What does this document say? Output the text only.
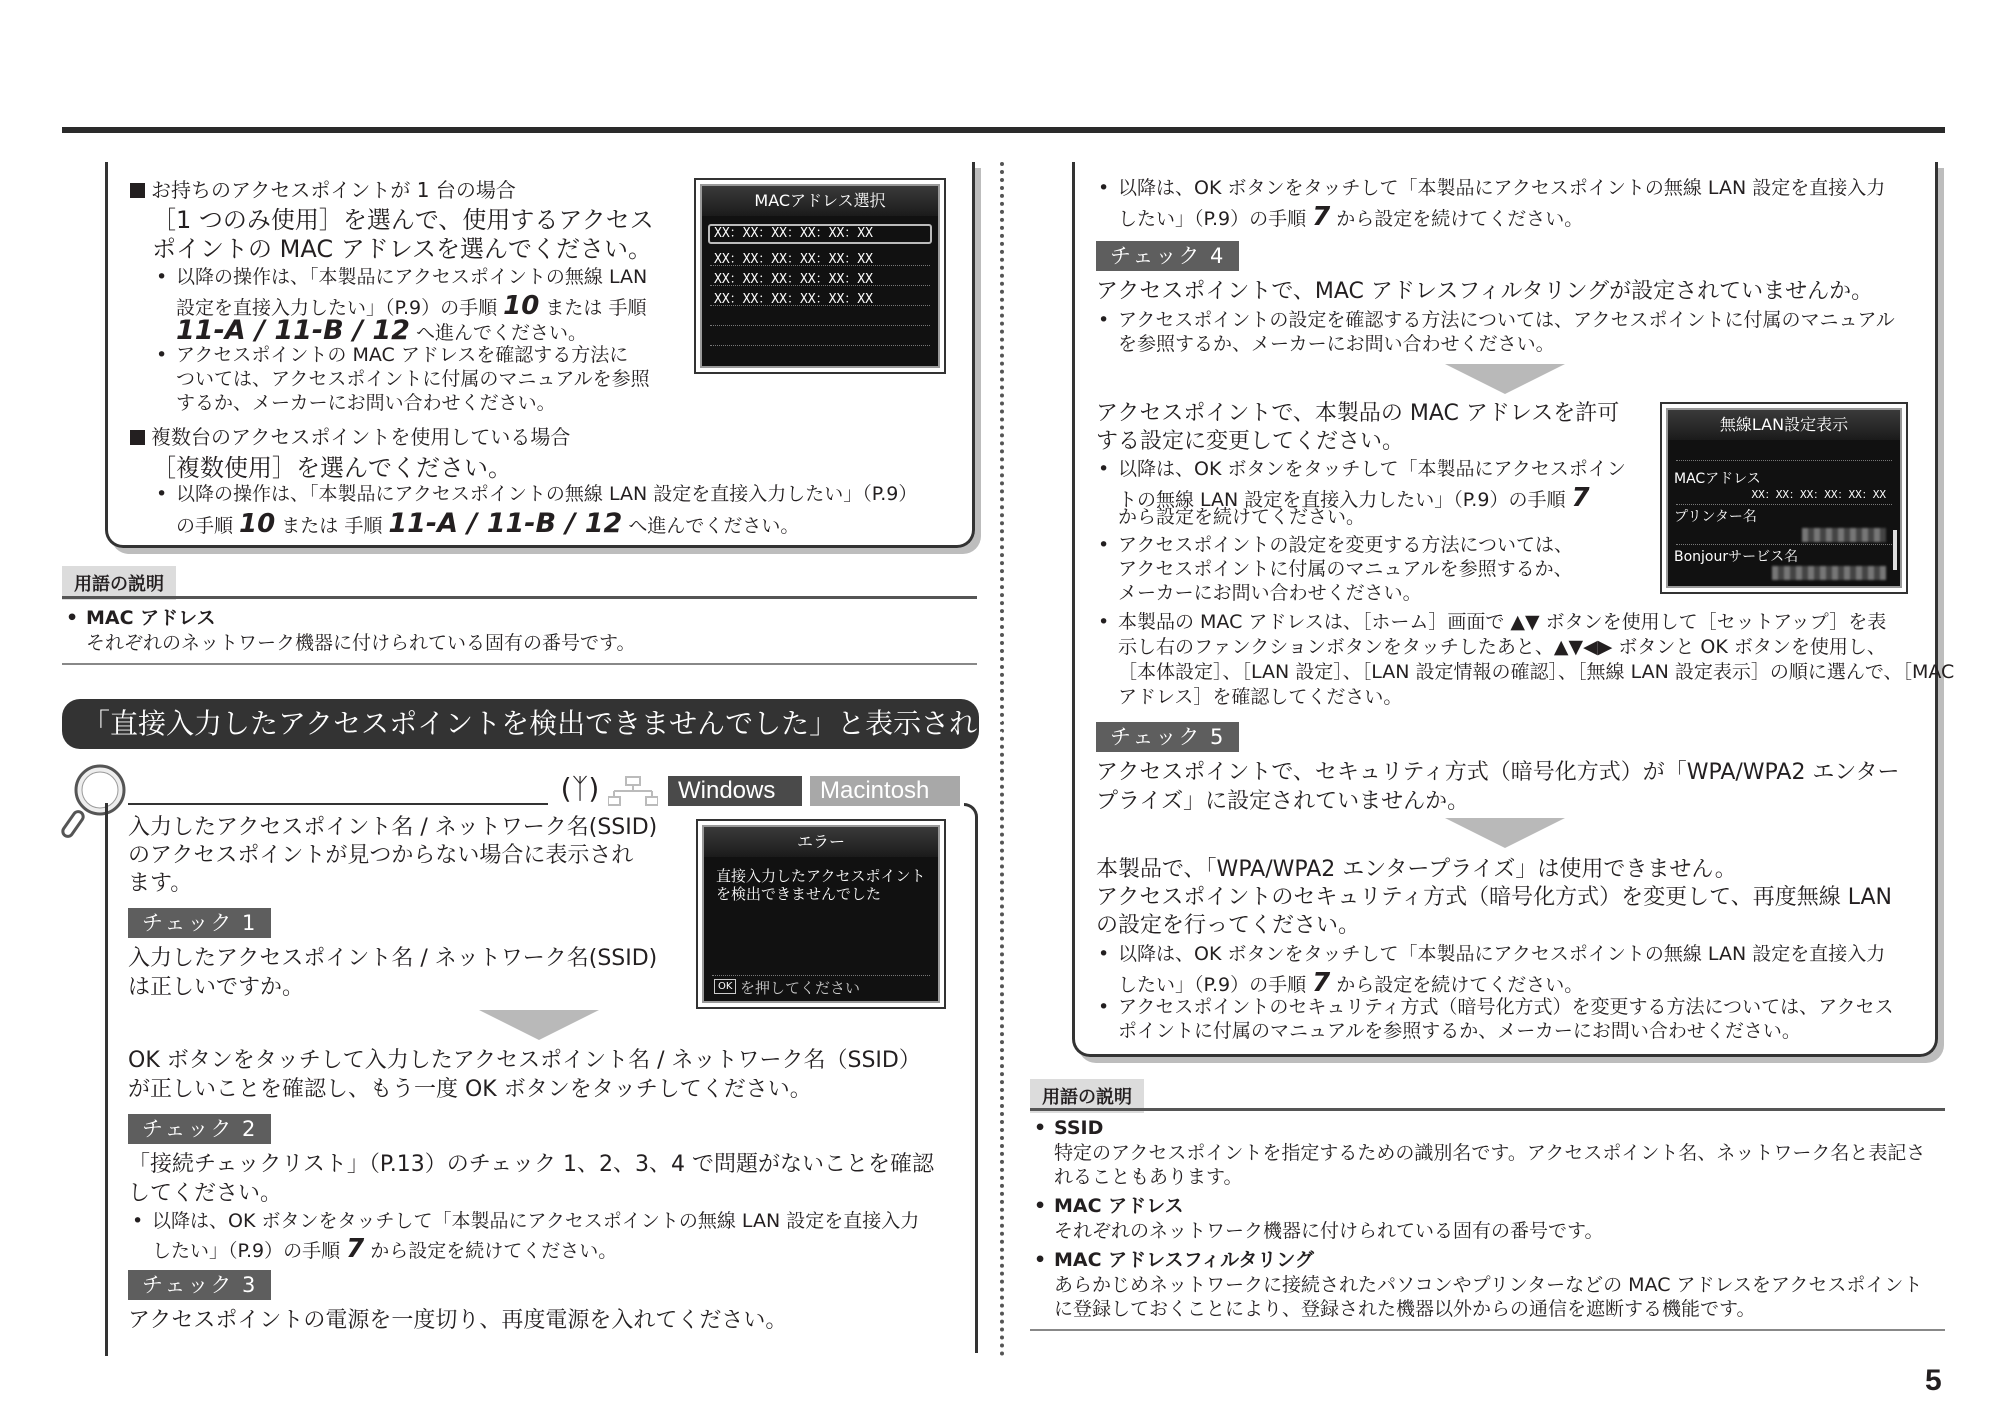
お持ちのアクセスポイントが 1 台の場合
［1 つのみ使用］を選んで、使用するアクセス
ポイントの MAC アドレスを選んでください。
• 以降の操作は、「本製品にアクセスポイントの無線 LAN
設定を直接入力したい」（P.9）の手順 10 または 手順
11-A / 11-B / 12 へ進んでください。
• アクセスポイントの MAC アドレスを確認する方法に
ついては、アクセスポイントに付属のマニュアルを参照
するか、メーカーにお問い合わせください。
MACアドレス選択
XX：XX：XX：XX：XX：XX
XX：XX：XX：XX：XX：XX
XX：XX：XX：XX：XX：XX
XX：XX：XX：XX：XX：XX
複数台のアクセスポイントを使用している場合
［複数使用］を選んでください。
• 以降の操作は、「本製品にアクセスポイントの無線 LAN 設定を直接入力したい」（P.9）
の手順 10 または 手順 11-A / 11-B / 12 へ進んでください。
用語の説明
• MAC アドレス
それぞれのネットワーク機器に付けられている固有の番号です。
「直接入力したアクセスポイントを検出できませんでした」と表示された
(ᛉ)	Windows	Macintosh
入力したアクセスポイント名 / ネットワーク名(SSID)
のアクセスポイントが見つからない場合に表示され
ます。
エラー
直接入力したアクセスポイント
を検出できませんでした
OK を押してください
チェック 1
入力したアクセスポイント名 / ネットワーク名(SSID)
は正しいですか。
OK ボタンをタッチして入力したアクセスポイント名 / ネットワーク名（SSID）
が正しいことを確認し、もう一度 OK ボタンをタッチしてください。
チェック 2
「接続チェックリスト」（P.13）のチェック 1、2、3、4 で問題がないことを確認
してください。
• 以降は、OK ボタンをタッチして「本製品にアクセスポイントの無線 LAN 設定を直接入力
したい」（P.9）の手順 7 から設定を続けてください。
チェック 3
アクセスポイントの電源を一度切り、再度電源を入れてください。
• 以降は、OK ボタンをタッチして「本製品にアクセスポイントの無線 LAN 設定を直接入力
したい」（P.9）の手順 7 から設定を続けてください。
チェック 4
アクセスポイントで、MAC アドレスフィルタリングが設定されていませんか。
• アクセスポイントの設定を確認する方法については、アクセスポイントに付属のマニュアル
を参照するか、メーカーにお問い合わせください。
アクセスポイントで、本製品の MAC アドレスを許可
する設定に変更してください。
• 以降は、OK ボタンをタッチして「本製品にアクセスポイン
トの無線 LAN 設定を直接入力したい」（P.9）の手順 7
から設定を続けてください。
• アクセスポイントの設定を変更する方法については、
アクセスポイントに付属のマニュアルを参照するか、
メーカーにお問い合わせください。
• 本製品の MAC アドレスは、［ホーム］画面で ▲▼ ボタンを使用して［セットアップ］を表
示し右のファンクションボタンをタッチしたあと、▲▼◀▶ ボタンと OK ボタンを使用し、
［本体設定］、［LAN 設定］、［LAN 設定情報の確認］、［無線 LAN 設定表示］の順に選んで、［MAC
アドレス］を確認してください。
無線LAN設定表示
MACアドレス
XX：XX：XX：XX：XX：XX
プリンター名
Bonjourサービス名
チェック 5
アクセスポイントで、セキュリティ方式（暗号化方式）が「WPA/WPA2 エンター
プライズ」に設定されていませんか。
本製品で、「WPA/WPA2 エンタープライズ」は使用できません。
アクセスポイントのセキュリティ方式（暗号化方式）を変更して、再度無線 LAN
の設定を行ってください。
• 以降は、OK ボタンをタッチして「本製品にアクセスポイントの無線 LAN 設定を直接入力
したい」（P.9）の手順 7 から設定を続けてください。
• アクセスポイントのセキュリティ方式（暗号化方式）を変更する方法については、アクセス
ポイントに付属のマニュアルを参照するか、メーカーにお問い合わせください。
用語の説明
• SSID
特定のアクセスポイントを指定するための識別名です。アクセスポイント名、ネットワーク名と表記さ
れることもあります。
• MAC アドレス
それぞれのネットワーク機器に付けられている固有の番号です。
• MAC アドレスフィルタリング
あらかじめネットワークに接続されたパソコンやプリンターなどの MAC アドレスをアクセスポイント
に登録しておくことにより、登録された機器以外からの通信を遮断する機能です。
5
